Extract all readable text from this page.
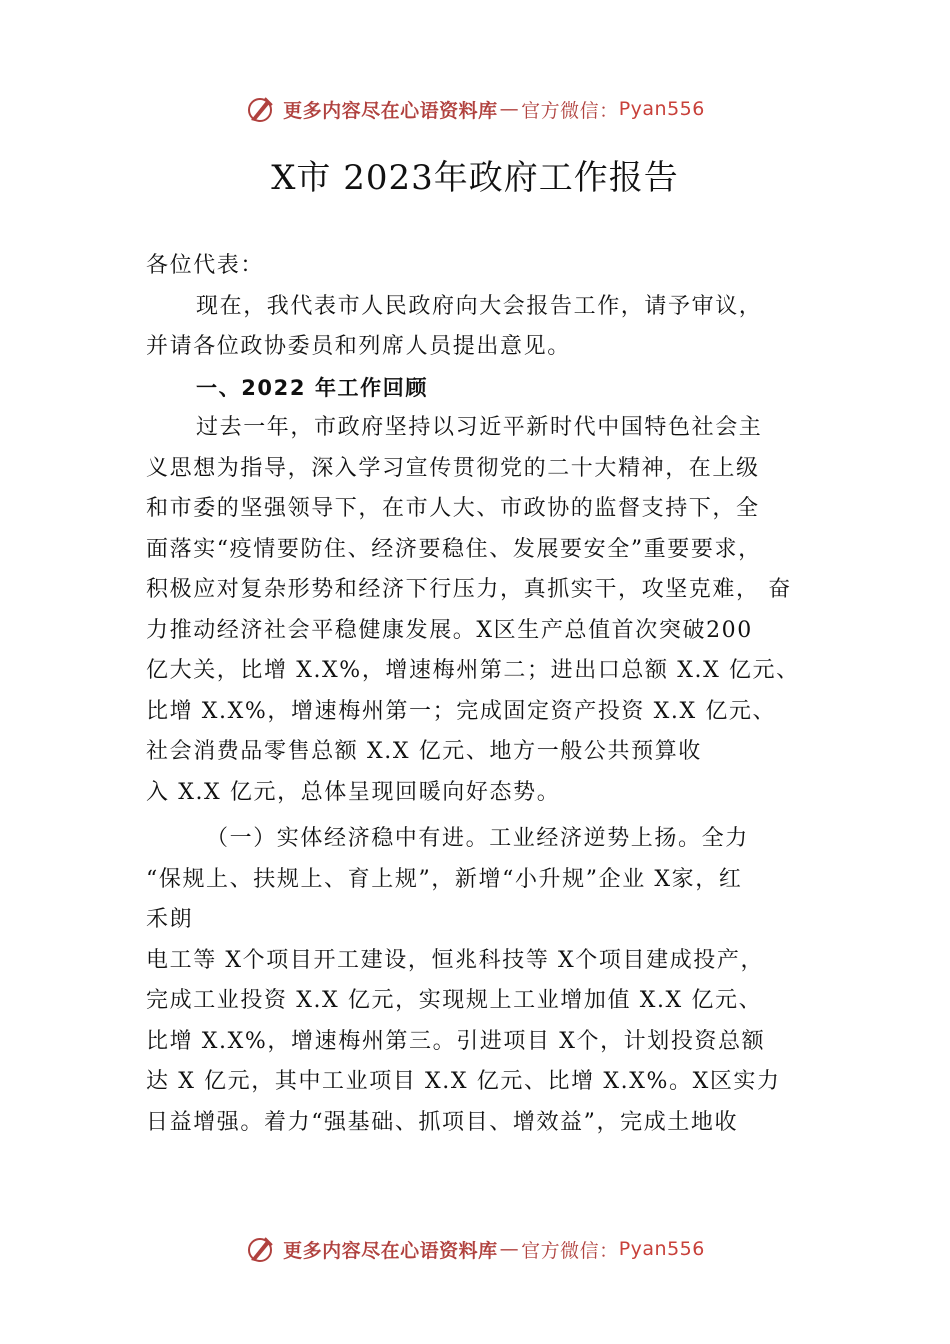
更多内容尽在心语资料库 — 官方微信： Pyan556
X市 2023年政府工作报告
各位代表：
现在，我代表市人民政府向大会报告工作，请予审议，
并请各位政协委员和列席人员提出意见。
一、2022 年工作回顾
过去一年，市政府坚持以习近平新时代中国特色社会主
义思想为指导，深入学习宣传贯彻党的二十大精神，在上级
和市委的坚强领导下，在市人大、市政协的监督支持下，全
面落实“疫情要防住、经济要稳住、发展要安全”重要要求，
积极应对复杂形势和经济下行压力，真抓实干，攻坚克难， 奋
力推动经济社会平稳健康发展。X区生产总值首次突破200
亿大关，比增 X.X%，增速梅州第二；进出口总额 X.X 亿元、
比增 X.X%，增速梅州第一；完成固定资产投资 X.X 亿元、
社会消费品零售总额 X.X 亿元、地方一般公共预算收
入 X.X 亿元，总体呈现回暖向好态势。
（一）实体经济稳中有进。工业经济逆势上扬。全力
“保规上、扶规上、育上规”，新增“小升规”企业 X家，红
禾朗
电工等 X个项目开工建设，恒兆科技等 X个项目建成投产，
完成工业投资 X.X 亿元，实现规上工业增加值 X.X 亿元、
比增 X.X%，增速梅州第三。引进项目 X个，计划投资总额
达 X 亿元，其中工业项目 X.X 亿元、比增 X.X%。X区实力
日益增强。着力“强基础、抓项目、增效益”，完成土地收
更多内容尽在心语资料库 — 官方微信： Pyan556
